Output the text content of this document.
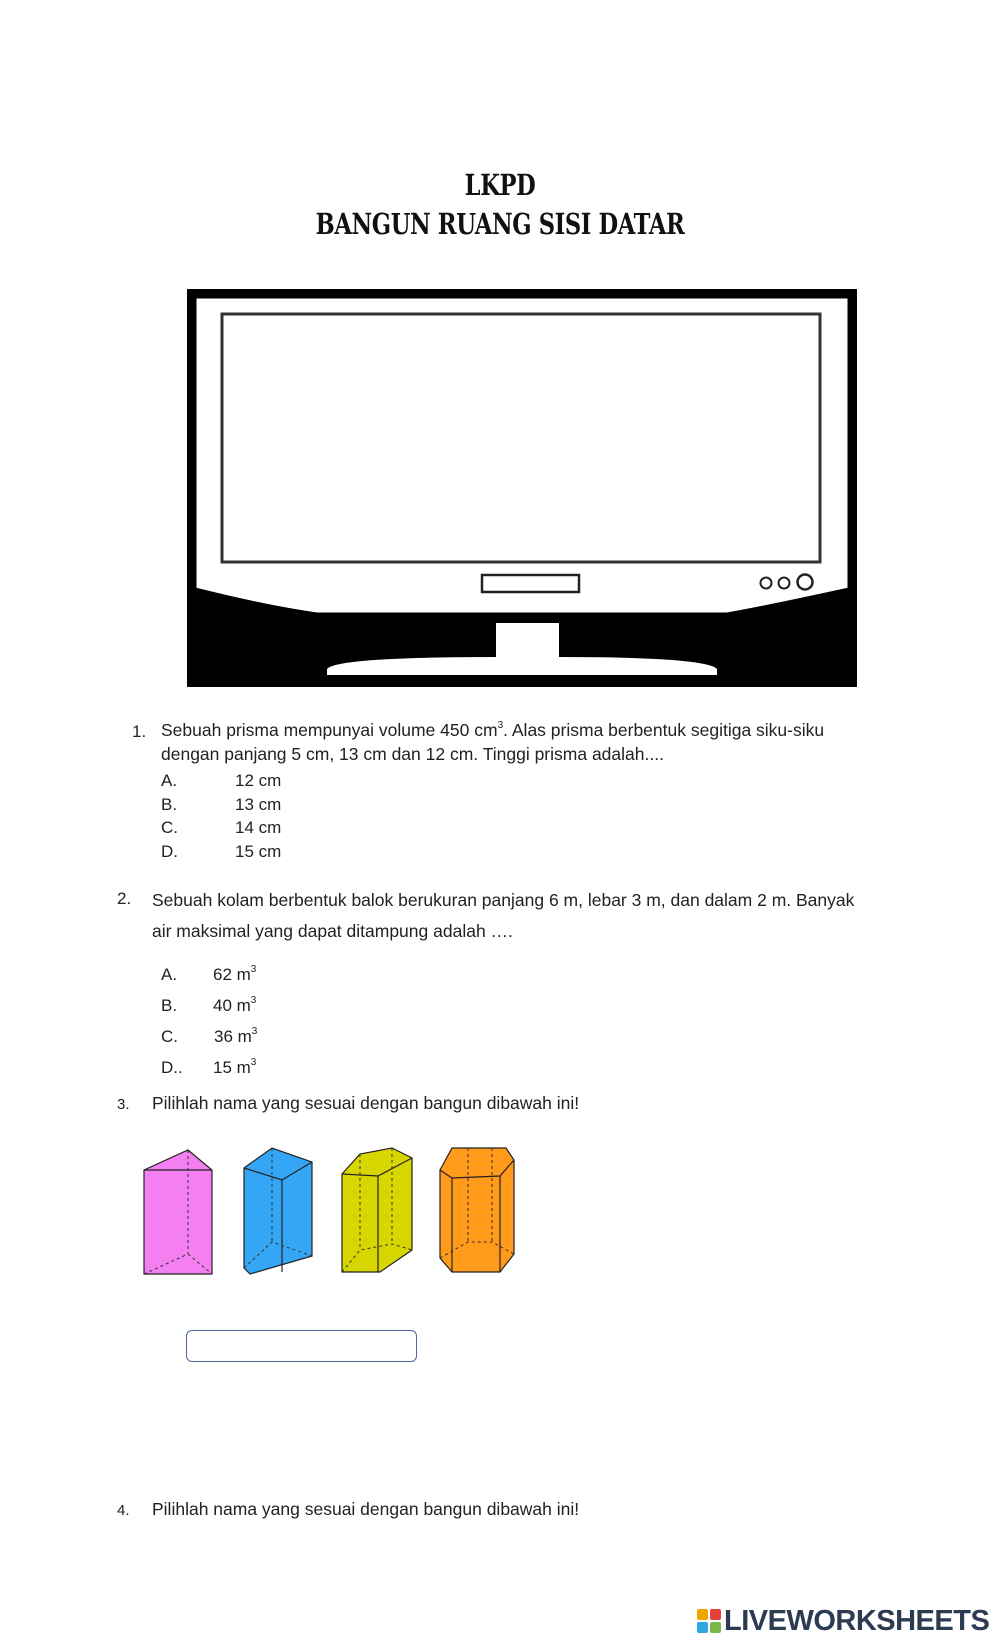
LKPD
BANGUN RUANG SISI DATAR
1. Sebuah prisma mempunyai volume 450 $cm^3$. Alas prisma berbentuk segitiga siku-siku
dengan panjang 5 cm, 13 cm dan 12 cm. Tinggi prisma adalah....
A.	12 cm
B.	13 cm
C.	14 cm
D.	15 cm
2. Sebuah kolam berbentuk balok berukuran panjang 6 m, lebar 3 m, dan dalam 2 m. Banyak
air maksimal yang dapat ditampung adalah ….
A. 62 $m^3$
B. 40 $m^3$
C. 36 $m^3$
D.. 15 $m^3$
3. Pilihlah nama yang sesuai dengan bangun dibawah ini!
4. Pilihlah nama yang sesuai dengan bangun dibawah ini!
LIVEWORKSHEETS
